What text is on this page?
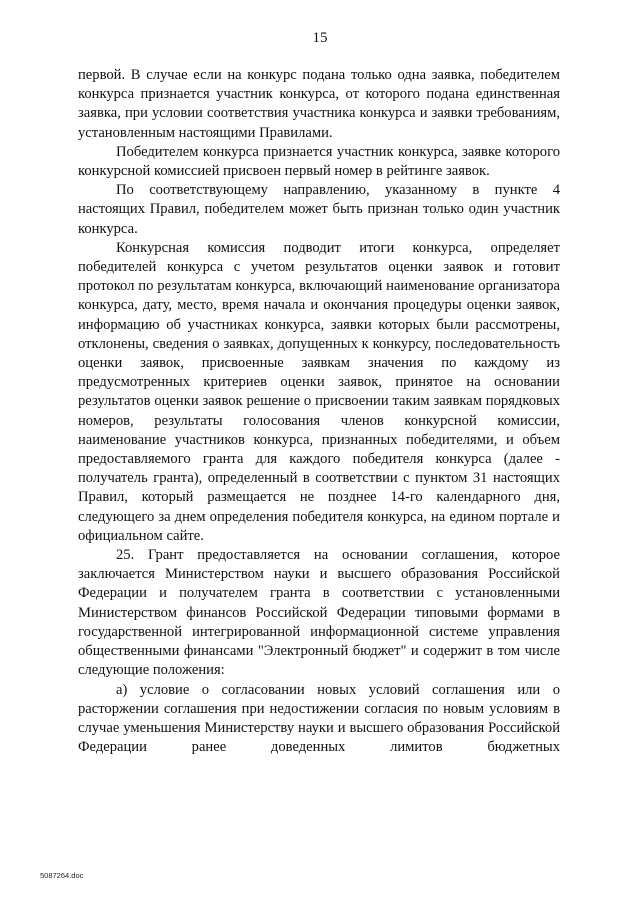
15

первой. В случае если на конкурс подана только одна заявка, победителем конкурса признается участник конкурса, от которого подана единственная заявка, при условии соответствия участника конкурса и заявки требованиям, установленным настоящими Правилами.

Победителем конкурса признается участник конкурса, заявке которого конкурсной комиссией присвоен первый номер в рейтинге заявок.

По соответствующему направлению, указанному в пункте 4 настоящих Правил, победителем может быть признан только один участник конкурса.

Конкурсная комиссия подводит итоги конкурса, определяет победителей конкурса с учетом результатов оценки заявок и готовит протокол по результатам конкурса, включающий наименование организатора конкурса, дату, место, время начала и окончания процедуры оценки заявок, информацию об участниках конкурса, заявки которых были рассмотрены, отклонены, сведения о заявках, допущенных к конкурсу, последовательность оценки заявок, присвоенные заявкам значения по каждому из предусмотренных критериев оценки заявок, принятое на основании результатов оценки заявок решение о присвоении таким заявкам порядковых номеров, результаты голосования членов конкурсной комиссии, наименование участников конкурса, признанных победителями, и объем предоставляемого гранта для каждого победителя конкурса (далее - получатель гранта), определенный в соответствии с пунктом 31 настоящих Правил, который размещается не позднее 14-го календарного дня, следующего за днем определения победителя конкурса, на едином портале и официальном сайте.

25. Грант предоставляется на основании соглашения, которое заключается Министерством науки и высшего образования Российской Федерации и получателем гранта в соответствии с установленными Министерством финансов Российской Федерации типовыми формами в государственной интегрированной информационной системе управления общественными финансами "Электронный бюджет" и содержит в том числе следующие положения:

а) условие о согласовании новых условий соглашения или о расторжении соглашения при недостижении согласия по новым условиям в случае уменьшения Министерству науки и высшего образования Российской Федерации ранее доведенных лимитов бюджетных

5087264.doc
